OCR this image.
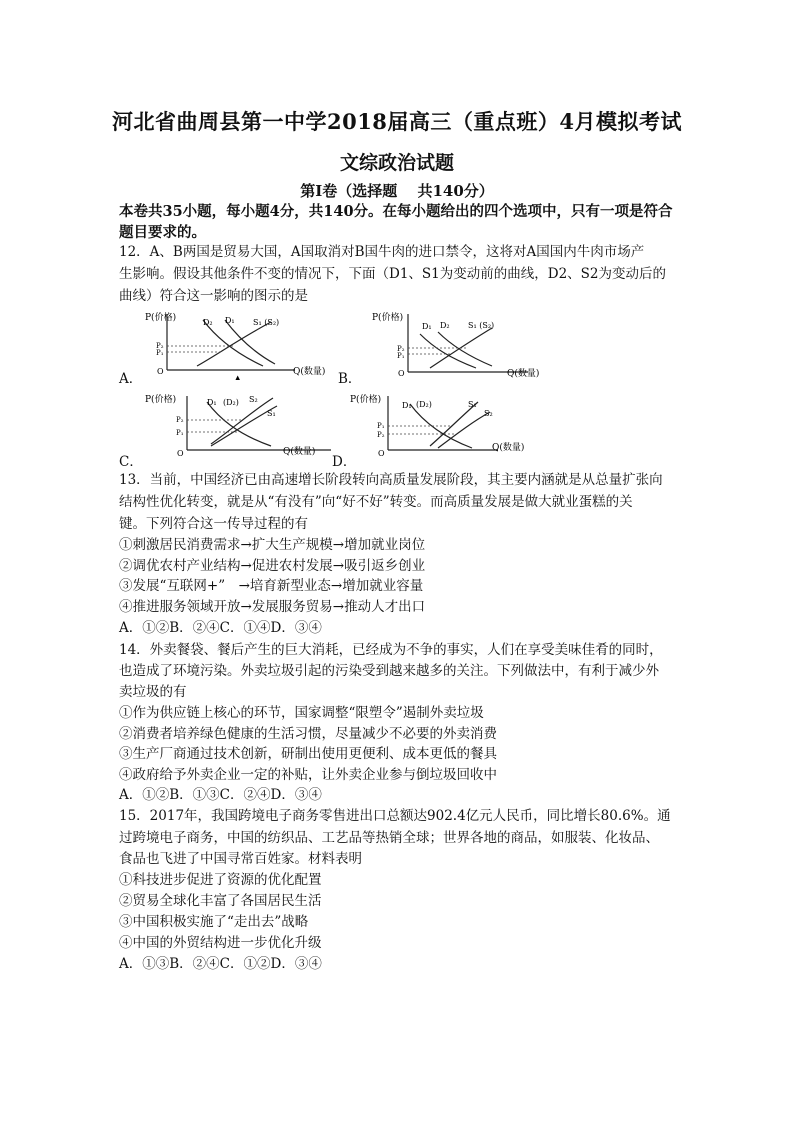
河北省曲周县第一中学2018届高三（重点班）4月模拟考试
文综政治试题
第Ⅰ卷（选择题　 共140分）
本卷共35小题，每小题4分，共140分。在每小题给出的四个选项中，只有一项是符合题目要求的。
12．A、B两国是贸易大国，A国取消对B国牛肉的进口禁令，这将对A国国内牛肉市场产
生影响。假设其他条件不变的情况下，下面（D1、S1为变动前的曲线，D2、S2为变动后的
曲线）符合这一影响的图示的是
A．	B．
C．	D．
P(价格)	D₂ D₁ S₁ (S₂)
P₂
P₁
O	Q(数量)
▲
P(价格)
D₁ D₂ S₁ (S₂)
P₂
P₁
O	Q(数量)
P(价格)	D₁ (D₂) S₂
S₁
P₂
P₁
O	Q(数量)
P(价格)
D₁ (D₂)	S₁
S₂
P₁
P₂
O
Q(数量)
13．当前，中国经济已由高速增长阶段转向高质量发展阶段，其主要内涵就是从总量扩张向
结构性优化转变，就是从“有没有”向“好不好”转变。而高质量发展是做大就业蛋糕的关
键。下列符合这一传导过程的有
①刺激居民消费需求→扩大生产规模→增加就业岗位
②调优农村产业结构→促进农村发展→吸引返乡创业
③发展“互联网+”　→培育新型业态→增加就业容量
④推进服务领域开放→发展服务贸易→推动人才出口
A．①②B．②④C．①④D．③④
14．外卖餐袋、餐后产生的巨大消耗，已经成为不争的事实，人们在享受美味佳肴的同时，
也造成了环境污染。外卖垃圾引起的污染受到越来越多的关注。下列做法中，有利于减少外
卖垃圾的有
①作为供应链上核心的环节，国家调整“限塑令”遏制外卖垃圾
②消费者培养绿色健康的生活习惯，尽量减少不必要的外卖消费
③生产厂商通过技术创新，研制出使用更便利、成本更低的餐具
④政府给予外卖企业一定的补贴，让外卖企业参与倒垃圾回收中
A．①②B．①③C．②④D．③④
15．2017年，我国跨境电子商务零售进出口总额达902.4亿元人民币，同比增长80.6%。通
过跨境电子商务，中国的纺织品、工艺品等热销全球；世界各地的商品，如服装、化妆品、
食品也飞进了中国寻常百姓家。材料表明
①科技进步促进了资源的优化配置
②贸易全球化丰富了各国居民生活
③中国积极实施了“走出去”战略
④中国的外贸结构进一步优化升级
A．①③B．②④C．①②D．③④
